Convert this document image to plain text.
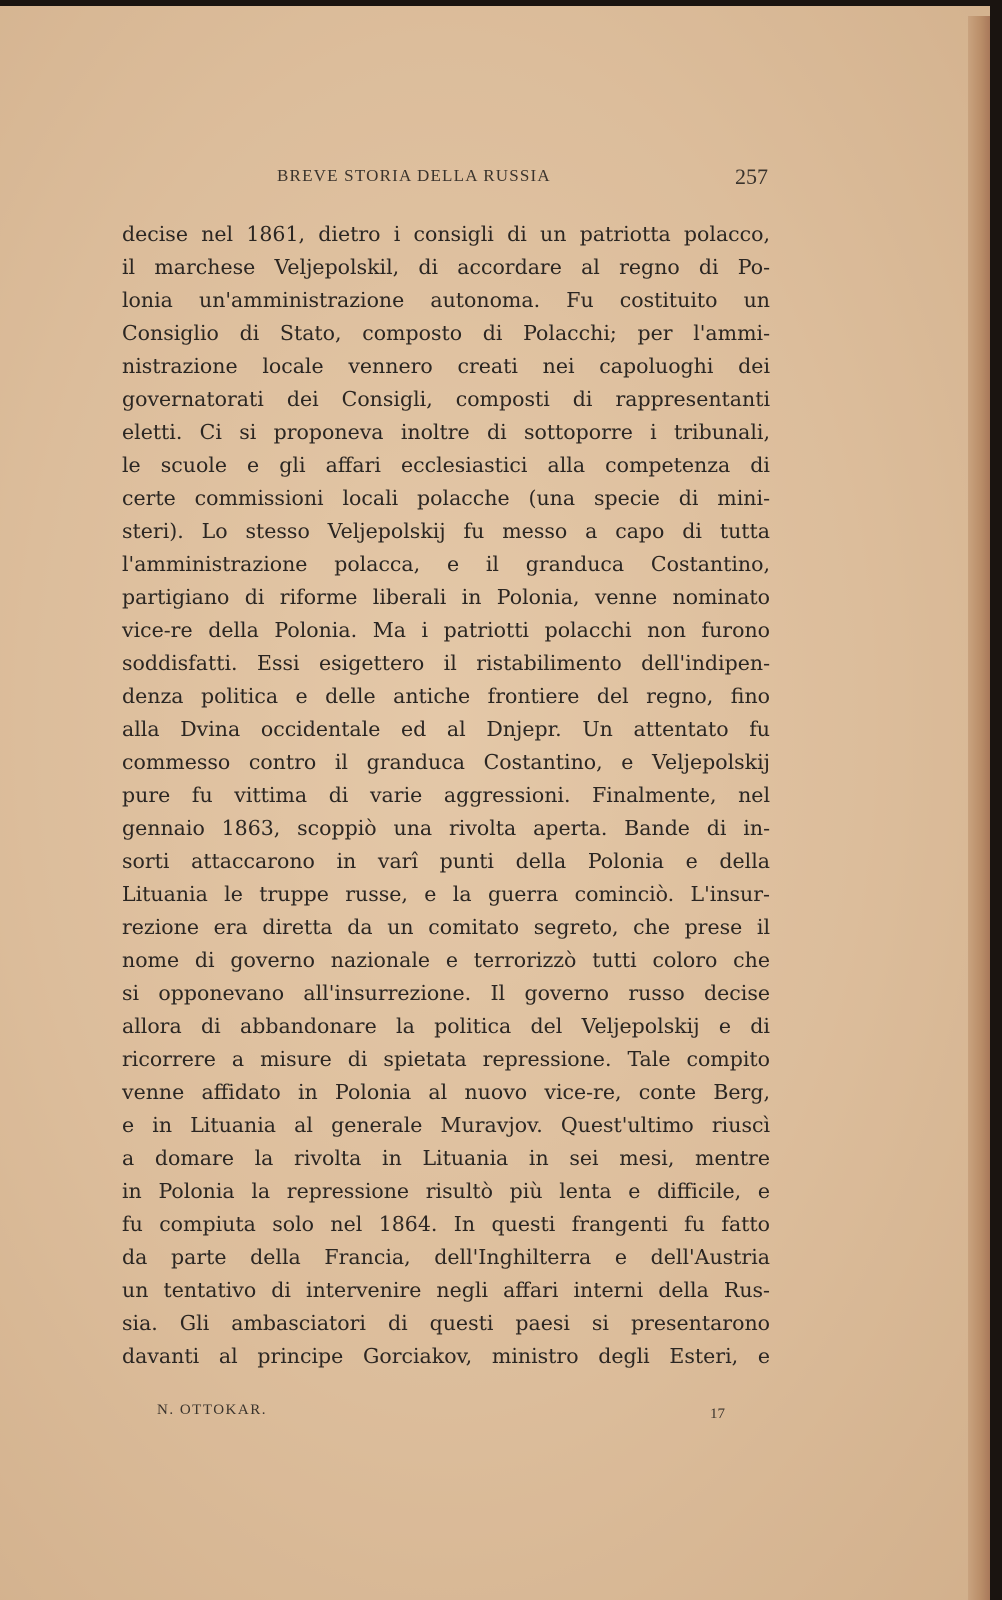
BREVE STORIA DELLA RUSSIA	257
decise nel 1861, dietro i consigli di un patriotta polacco,
il marchese Veljepolskil, di accordare al regno di Po-
lonia un'amministrazione autonoma. Fu costituito un
Consiglio di Stato, composto di Polacchi; per l'ammi-
nistrazione locale vennero creati nei capoluoghi dei
governatorati dei Consigli, composti di rappresentanti
eletti. Ci si proponeva inoltre di sottoporre i tribunali,
le scuole e gli affari ecclesiastici alla competenza di
certe commissioni locali polacche (una specie di mini-
steri). Lo stesso Veljepolskij fu messo a capo di tutta
l'amministrazione polacca, e il granduca Costantino,
partigiano di riforme liberali in Polonia, venne nominato
vice-re della Polonia. Ma i patriotti polacchi non furono
soddisfatti. Essi esigettero il ristabilimento dell'indipen-
denza politica e delle antiche frontiere del regno, fino
alla Dvina occidentale ed al Dnjepr. Un attentato fu
commesso contro il granduca Costantino, e Veljepolskij
pure fu vittima di varie aggressioni. Finalmente, nel
gennaio 1863, scoppiò una rivolta aperta. Bande di in-
sorti attaccarono in varî punti della Polonia e della
Lituania le truppe russe, e la guerra cominciò. L'insur-
rezione era diretta da un comitato segreto, che prese il
nome di governo nazionale e terrorizzò tutti coloro che
si opponevano all'insurrezione. Il governo russo decise
allora di abbandonare la politica del Veljepolskij e di
ricorrere a misure di spietata repressione. Tale compito
venne affidato in Polonia al nuovo vice-re, conte Berg,
e in Lituania al generale Muravjov. Quest'ultimo riuscì
a domare la rivolta in Lituania in sei mesi, mentre
in Polonia la repressione risultò più lenta e difficile, e
fu compiuta solo nel 1864. In questi frangenti fu fatto
da parte della Francia, dell'Inghilterra e dell'Austria
un tentativo di intervenire negli affari interni della Rus-
sia. Gli ambasciatori di questi paesi si presentarono
davanti al principe Gorciakov, ministro degli Esteri, e
N. OTTOKAR.	17
